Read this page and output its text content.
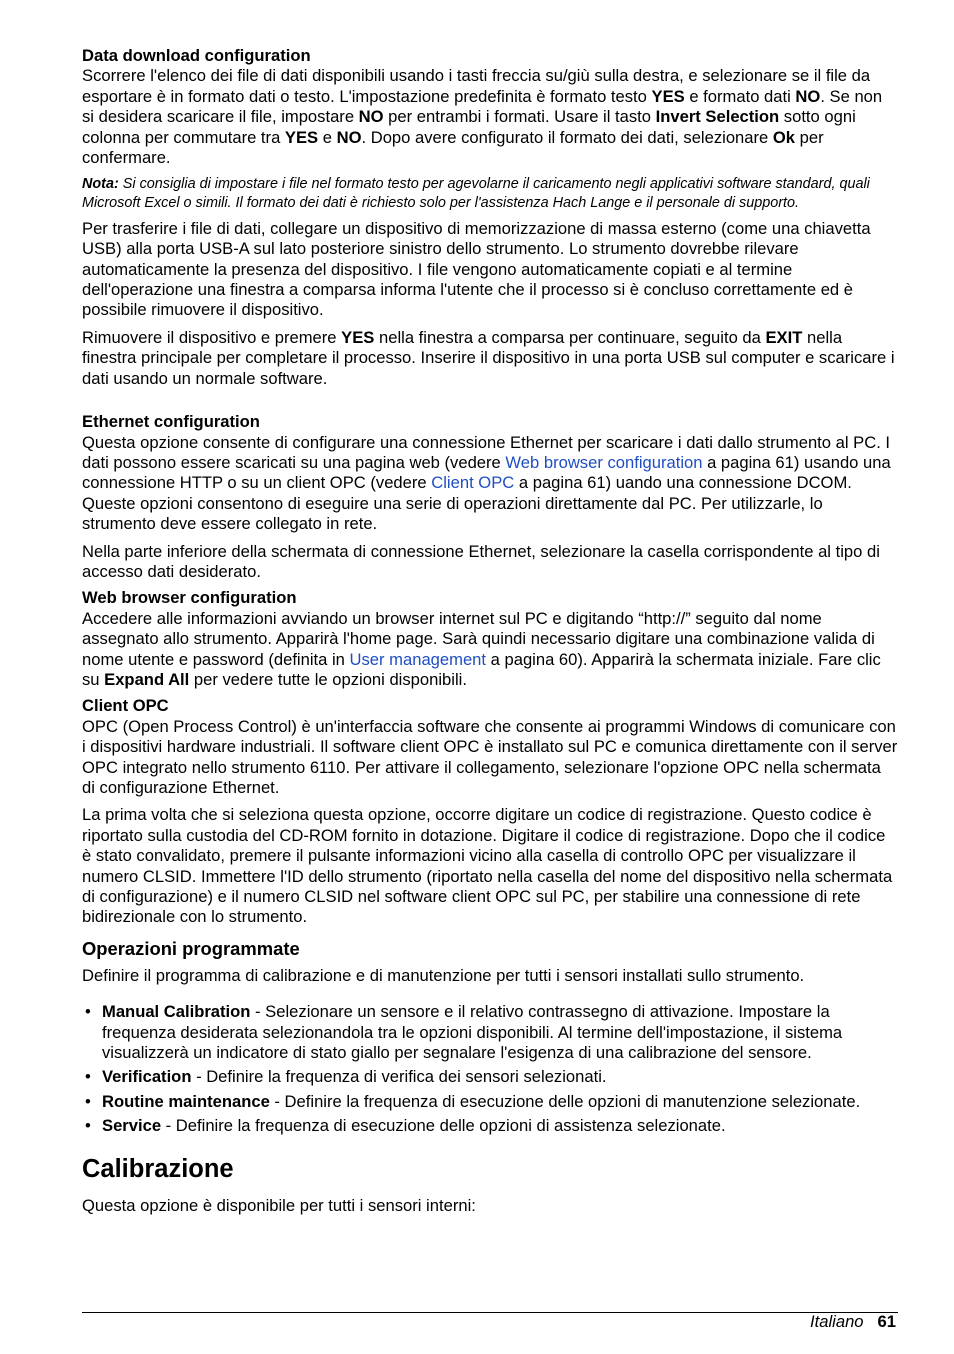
Data download configuration

Scorrere l'elenco dei file di dati disponibili usando i tasti freccia su/giù sulla destra, e selezionare se il file da esportare è in formato dati o testo. L'impostazione predefinita è formato testo YES e formato dati NO. Se non si desidera scaricare il file, impostare NO per entrambi i formati. Usare il tasto Invert Selection sotto ogni colonna per commutare tra YES e NO. Dopo avere configurato il formato dei dati, selezionare Ok per confermare.

Nota: Si consiglia di impostare i file nel formato testo per agevolarne il caricamento negli applicativi software standard, quali Microsoft Excel o simili. Il formato dei dati è richiesto solo per l'assistenza Hach Lange e il personale di supporto.

Per trasferire i file di dati, collegare un dispositivo di memorizzazione di massa esterno (come una chiavetta USB) alla porta USB-A sul lato posteriore sinistro dello strumento. Lo strumento dovrebbe rilevare automaticamente la presenza del dispositivo. I file vengono automaticamente copiati e al termine dell'operazione una finestra a comparsa informa l'utente che il processo si è concluso correttamente ed è possibile rimuovere il dispositivo.

Rimuovere il dispositivo e premere YES nella finestra a comparsa per continuare, seguito da EXIT nella finestra principale per completare il processo. Inserire il dispositivo in una porta USB sul computer e scaricare i dati usando un normale software.

Ethernet configuration

Questa opzione consente di configurare una connessione Ethernet per scaricare i dati dallo strumento al PC. I dati possono essere scaricati su una pagina web (vedere Web browser configuration a pagina 61) usando una connessione HTTP o su un client OPC (vedere Client OPC a pagina 61) uando una connessione DCOM. Queste opzioni consentono di eseguire una serie di operazioni direttamente dal PC. Per utilizzarle, lo strumento deve essere collegato in rete.

Nella parte inferiore della schermata di connessione Ethernet, selezionare la casella corrispondente al tipo di accesso dati desiderato.

Web browser configuration

Accedere alle informazioni avviando un browser internet sul PC e digitando “http://” seguito dal nome assegnato allo strumento. Apparirà l'home page. Sarà quindi necessario digitare una combinazione valida di nome utente e password (definita in User management a pagina 60). Apparirà la schermata iniziale. Fare clic su Expand All per vedere tutte le opzioni disponibili.

Client OPC

OPC (Open Process Control) è un'interfaccia software che consente ai programmi Windows di comunicare con i dispositivi hardware industriali. Il software client OPC è installato sul PC e comunica direttamente con il server OPC integrato nello strumento 6110. Per attivare il collegamento, selezionare l'opzione OPC nella schermata di configurazione Ethernet.

La prima volta che si seleziona questa opzione, occorre digitare un codice di registrazione. Questo codice è riportato sulla custodia del CD-ROM fornito in dotazione. Digitare il codice di registrazione. Dopo che il codice è stato convalidato, premere il pulsante informazioni vicino alla casella di controllo OPC per visualizzare il numero CLSID. Immettere l'ID dello strumento (riportato nella casella del nome del dispositivo nella schermata di configurazione) e il numero CLSID nel software client OPC sul PC, per stabilire una connessione di rete bidirezionale con lo strumento.

Operazioni programmate

Definire il programma di calibrazione e di manutenzione per tutti i sensori installati sullo strumento.

• Manual Calibration - Selezionare un sensore e il relativo contrassegno di attivazione. Impostare la frequenza desiderata selezionandola tra le opzioni disponibili. Al termine dell'impostazione, il sistema visualizzerà un indicatore di stato giallo per segnalare l'esigenza di una calibrazione del sensore.
• Verification - Definire la frequenza di verifica dei sensori selezionati.
• Routine maintenance - Definire la frequenza di esecuzione delle opzioni di manutenzione selezionate.
• Service - Definire la frequenza di esecuzione delle opzioni di assistenza selezionate.
Calibrazione

Questa opzione è disponibile per tutti i sensori interni:

Italiano 61
